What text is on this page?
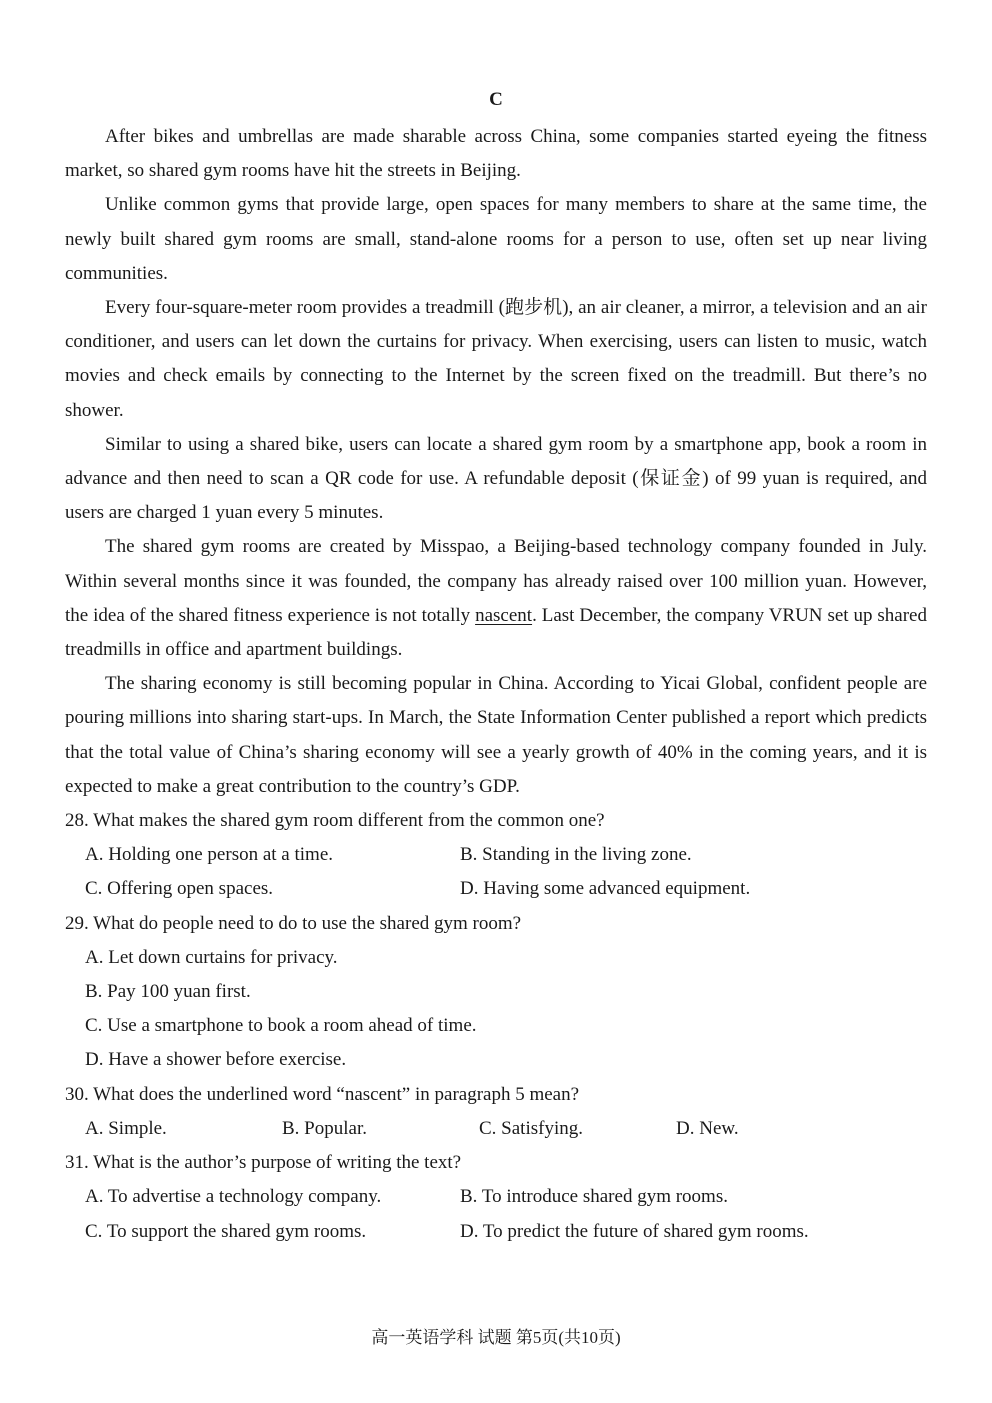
C

After bikes and umbrellas are made sharable across China, some companies started eyeing the fitness market, so shared gym rooms have hit the streets in Beijing.

Unlike common gyms that provide large, open spaces for many members to share at the same time, the newly built shared gym rooms are small, stand-alone rooms for a person to use, often set up near living communities.

Every four-square-meter room provides a treadmill (跑步机), an air cleaner, a mirror, a television and an air conditioner, and users can let down the curtains for privacy. When exercising, users can listen to music, watch movies and check emails by connecting to the Internet by the screen fixed on the treadmill. But there’s no shower.

Similar to using a shared bike, users can locate a shared gym room by a smartphone app, book a room in advance and then need to scan a QR code for use. A refundable deposit (保证金) of 99 yuan is required, and users are charged 1 yuan every 5 minutes.

The shared gym rooms are created by Misspao, a Beijing-based technology company founded in July. Within several months since it was founded, the company has already raised over 100 million yuan. However, the idea of the shared fitness experience is not totally nascent. Last December, the company VRUN set up shared treadmills in office and apartment buildings.

The sharing economy is still becoming popular in China. According to Yicai Global, confident people are pouring millions into sharing start-ups. In March, the State Information Center published a report which predicts that the total value of China’s sharing economy will see a yearly growth of 40% in the coming years, and it is expected to make a great contribution to the country’s GDP.

28. What makes the shared gym room different from the common one?

A. Holding one person at a time.	B. Standing in the living zone.
C. Offering open spaces.	D. Having some advanced equipment.

29. What do people need to do to use the shared gym room?

A. Let down curtains for privacy.

B. Pay 100 yuan first.

C. Use a smartphone to book a room ahead of time.

D. Have a shower before exercise.

30. What does the underlined word “nascent” in paragraph 5 mean?

A. Simple.	B. Popular.	C. Satisfying.	D. New.

31. What is the author’s purpose of writing the text?

A. To advertise a technology company.	B. To introduce shared gym rooms.
C. To support the shared gym rooms.	D. To predict the future of shared gym rooms.
高一英语学科 试题 第5页(共10页)
